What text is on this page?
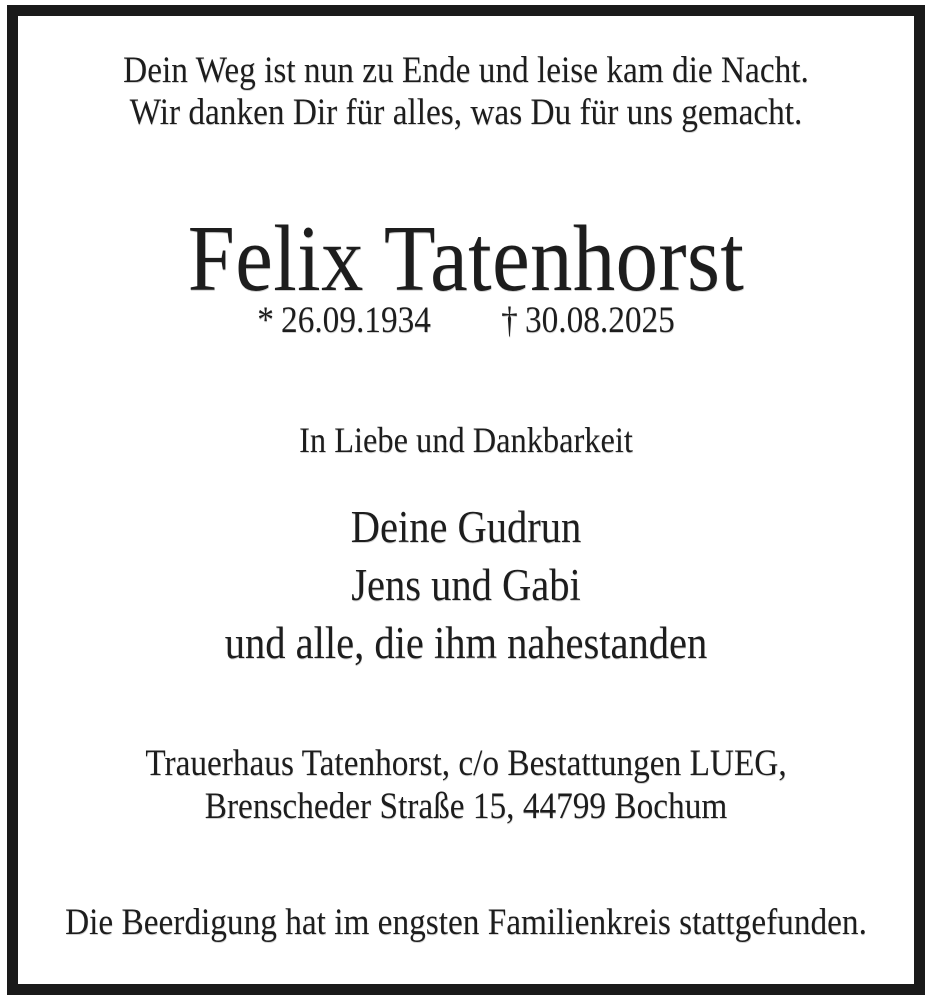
Dein Weg ist nun zu Ende und leise kam die Nacht.
Wir danken Dir für alles, was Du für uns gemacht.
Felix Tatenhorst
* 26.09.1934 † 30.08.2025
In Liebe und Dankbarkeit
Deine Gudrun
Jens und Gabi
und alle, die ihm nahestanden
Trauerhaus Tatenhorst, c/o Bestattungen LUEG,
Brenscheder Straße 15, 44799 Bochum
Die Beerdigung hat im engsten Familienkreis stattgefunden.
